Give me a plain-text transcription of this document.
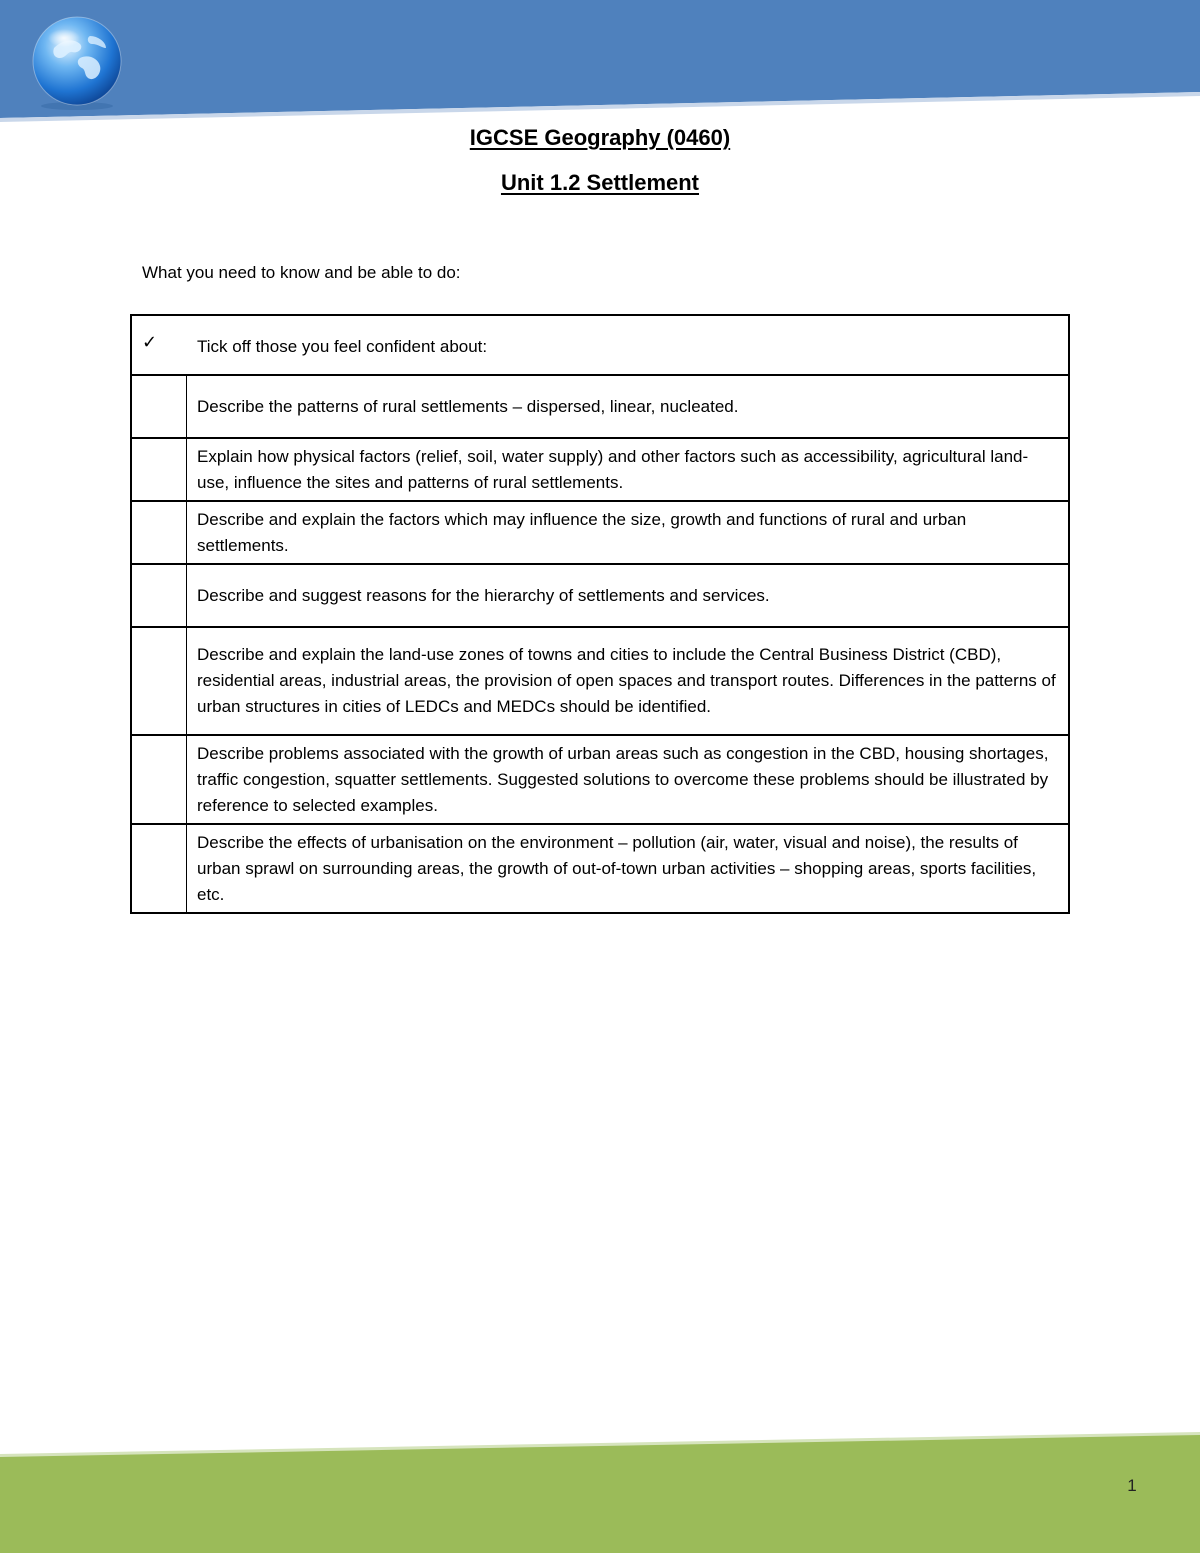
IGCSE Geography (0460)
Unit 1.2 Settlement
What you need to know and be able to do:
✓ Tick off those you feel confident about:	

	Describe the patterns of rural settlements – dispersed, linear, nucleated.
	Explain how physical factors (relief, soil, water supply) and other factors such as accessibility, agricultural land-use, influence the sites and patterns of rural settlements.
	Describe and explain the factors which may influence the size, growth and functions of rural and urban settlements.
	Describe and suggest reasons for the hierarchy of settlements and services.
	Describe and explain the land-use zones of towns and cities to include the Central Business District (CBD), residential areas, industrial areas, the provision of open spaces and transport routes. Differences in the patterns of urban structures in cities of LEDCs and MEDCs should be identified.
	Describe problems associated with the growth of urban areas such as congestion in the CBD, housing shortages, traffic congestion, squatter settlements. Suggested solutions to overcome these problems should be illustrated by reference to selected examples.
	Describe the effects of urbanisation on the environment – pollution (air, water, visual and noise), the results of urban sprawl on surrounding areas, the growth of out-of-town urban activities – shopping areas, sports facilities, etc.
1
